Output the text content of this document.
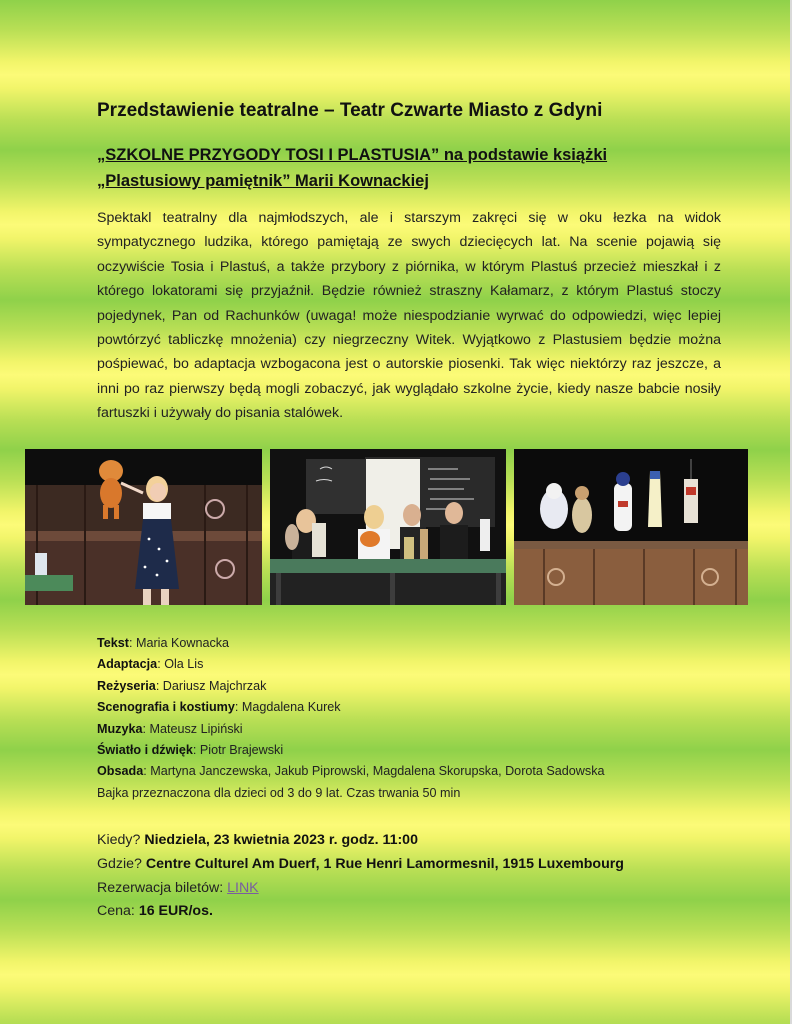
Przedstawienie teatralne – Teatr Czwarte Miasto z Gdyni
„SZKOLNE PRZYGODY TOSI I PLASTUSIA” na podstawie książki
„Plastusiowy pamiętnik” Marii Kownackiej

Spektakl teatralny dla najmłodszych, ale i starszym zakręci się w oku łezka na widok sympatycznego ludzika, którego pamiętają ze swych dziecięcych lat. Na scenie pojawią się oczywiście Tosia i Plastuś, a także przybory z piórnika, w którym Plastuś przecież mieszkał i z którego lokatorami się przyjaźnił. Będzie również straszny Kałamarz, z którym Plastuś stoczy pojedynek, Pan od Rachunków (uwaga! może niespodzianie wyrwać do odpowiedzi, więc lepiej powtórzyć tabliczkę mnożenia) czy niegrzeczny Witek. Wyjątkowo z Plastusiem będzie można pośpiewać, bo adaptacja wzbogacona jest o autorskie piosenki. Tak więc niektórzy raz jeszcze, a inni po raz pierwszy będą mogli zobaczyć, jak wyglądało szkolne życie, kiedy nasze babcie nosiły fartuszki i używały do pisania stalówek.

Tekst: Maria Kownacka
Adaptacja: Ola Lis
Reżyseria: Dariusz Majchrzak
Scenografia i kostiumy: Magdalena Kurek
Muzyka: Mateusz Lipiński
Światło i dźwięk: Piotr Brajewski
Obsada: Martyna Janczewska, Jakub Piprowski, Magdalena Skorupska, Dorota Sadowska
Bajka przeznaczona dla dzieci od 3 do 9 lat. Czas trwania 50 min
Kiedy? Niedziela, 23 kwietnia 2023 r. godz. 11:00
Gdzie? Centre Culturel Am Duerf, 1 Rue Henri Lamormesnil, 1915 Luxembourg
Rezerwacja biletów: LINK
Cena: 16 EUR/os.
